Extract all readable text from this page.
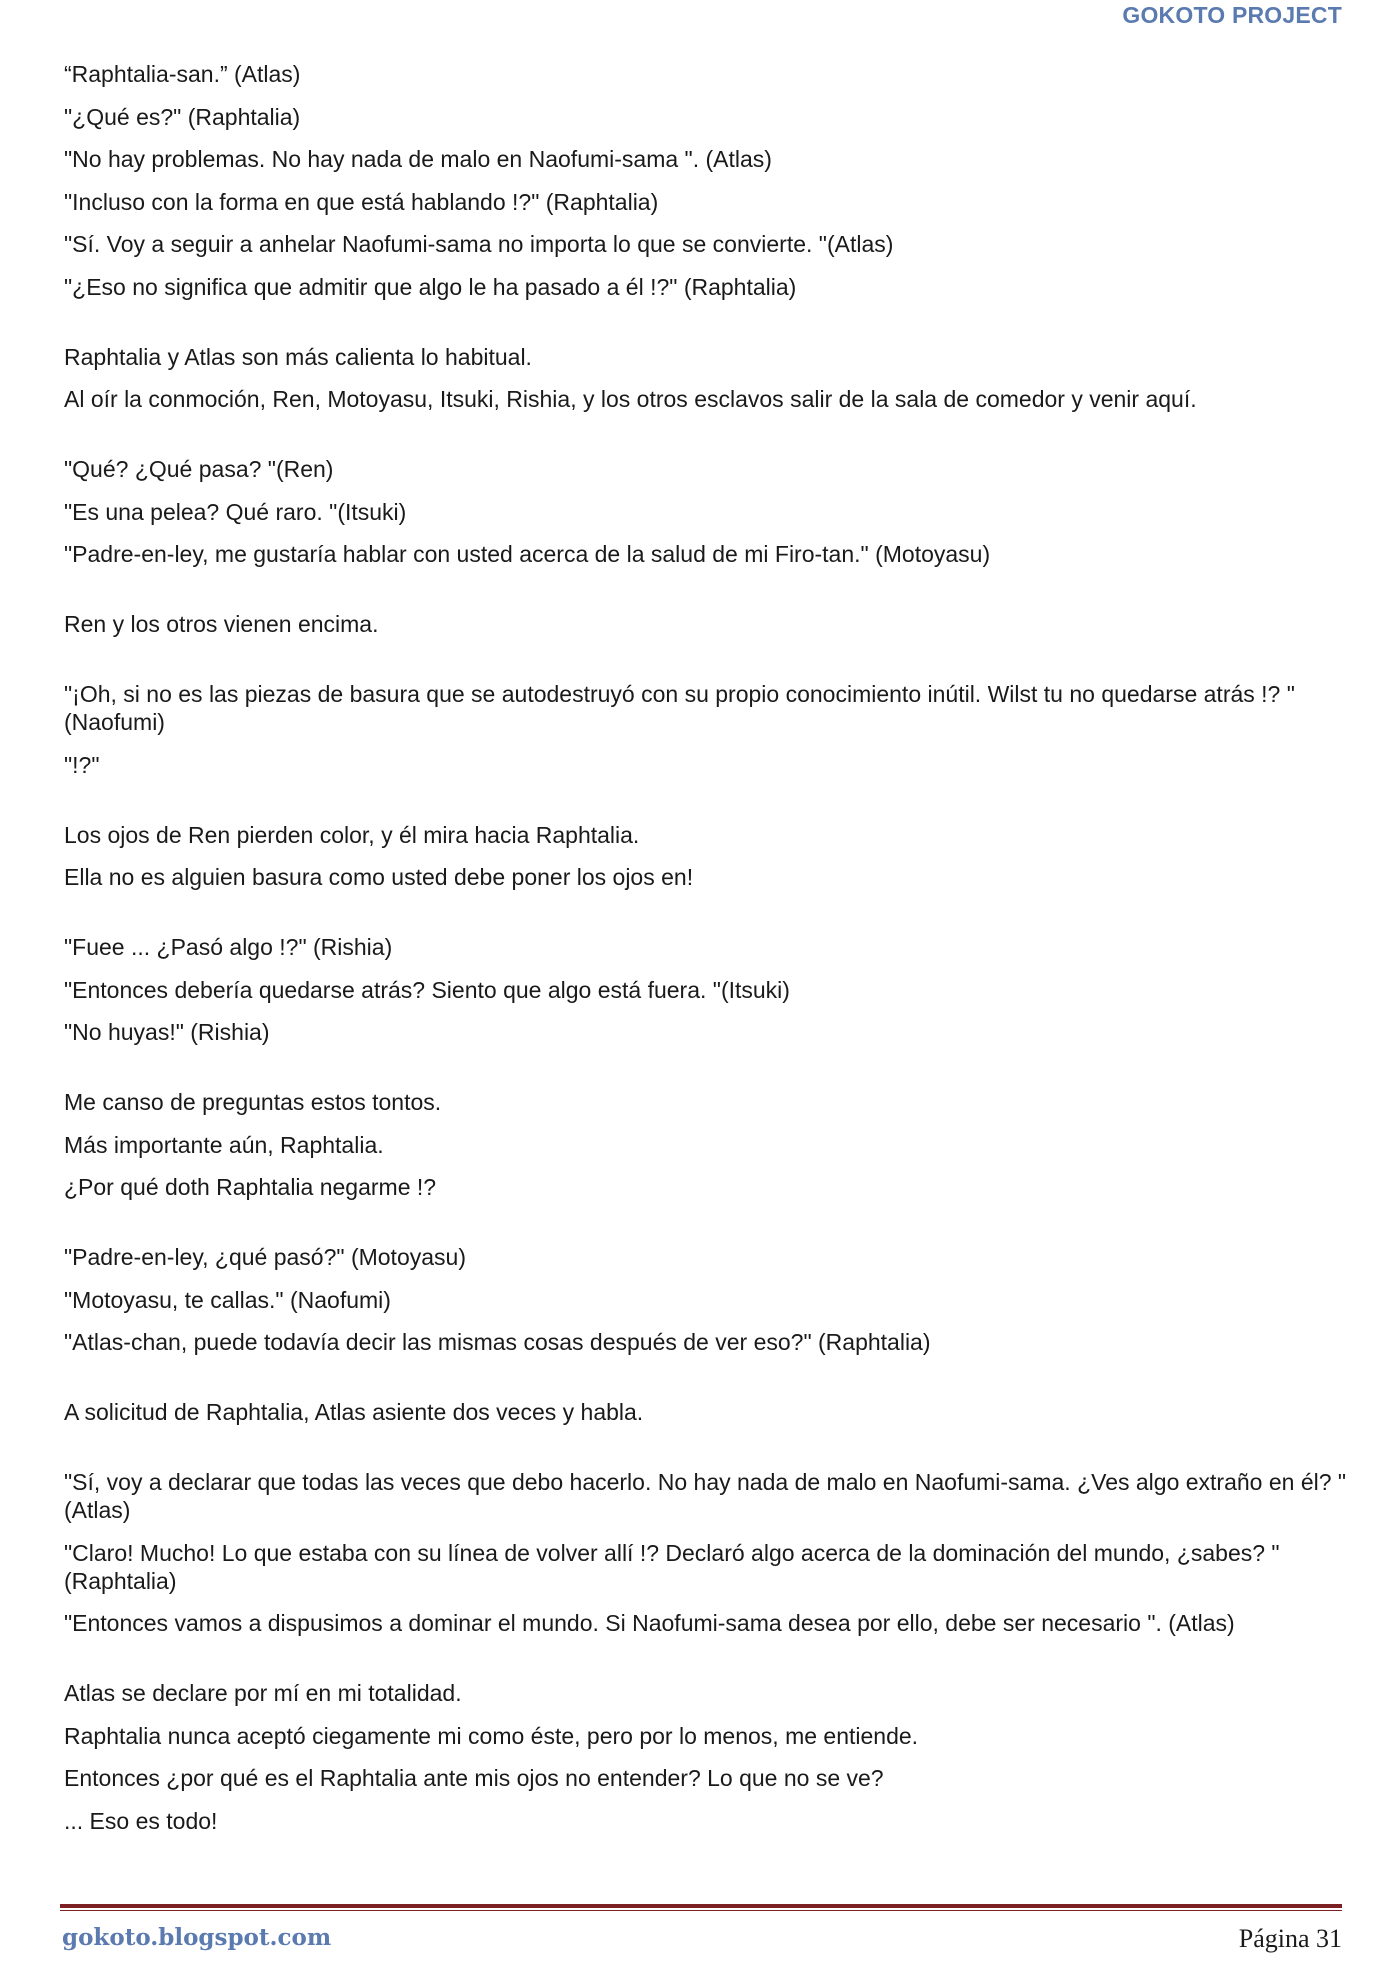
GOKOTO PROJECT

“Raphtalia-san.” (Atlas)

"¿Qué es?" (Raphtalia)

"No hay problemas. No hay nada de malo en Naofumi-sama ". (Atlas)

"Incluso con la forma en que está hablando !?" (Raphtalia)

"Sí. Voy a seguir a anhelar Naofumi-sama no importa lo que se convierte. "(Atlas)

"¿Eso no significa que admitir que algo le ha pasado a él !?" (Raphtalia)

Raphtalia y Atlas son más calienta lo habitual.

Al oír la conmoción, Ren, Motoyasu, Itsuki, Rishia, y los otros esclavos salir de la sala de comedor y venir aquí.

"Qué? ¿Qué pasa? "(Ren)

"Es una pelea? Qué raro. "(Itsuki)

"Padre-en-ley, me gustaría hablar con usted acerca de la salud de mi Firo-tan." (Motoyasu)

Ren y los otros vienen encima.

"¡Oh, si no es las piezas de basura que se autodestruyó con su propio conocimiento inútil. Wilst tu no quedarse atrás !? "(Naofumi)

"!?"

Los ojos de Ren pierden color, y él mira hacia Raphtalia.

Ella no es alguien basura como usted debe poner los ojos en!

"Fuee ... ¿Pasó algo !?" (Rishia)

"Entonces debería quedarse atrás? Siento que algo está fuera. "(Itsuki)

"No huyas!" (Rishia)

Me canso de preguntas estos tontos.

Más importante aún, Raphtalia.

¿Por qué doth Raphtalia negarme !?

"Padre-en-ley, ¿qué pasó?" (Motoyasu)

"Motoyasu, te callas." (Naofumi)

"Atlas-chan, puede todavía decir las mismas cosas después de ver eso?" (Raphtalia)

A solicitud de Raphtalia, Atlas asiente dos veces y habla.

"Sí, voy a declarar que todas las veces que debo hacerlo. No hay nada de malo en Naofumi-sama. ¿Ves algo extraño en él? "(Atlas)

"Claro! Mucho! Lo que estaba con su línea de volver allí !? Declaró algo acerca de la dominación del mundo, ¿sabes? "(Raphtalia)

"Entonces vamos a dispusimos a dominar el mundo. Si Naofumi-sama desea por ello, debe ser necesario ". (Atlas)

Atlas se declare por mí en mi totalidad.

Raphtalia nunca aceptó ciegamente mi como éste, pero por lo menos, me entiende.

Entonces ¿por qué es el Raphtalia ante mis ojos no entender? Lo que no se ve?

... Eso es todo!

gokoto.blogspot.com	Página 31
